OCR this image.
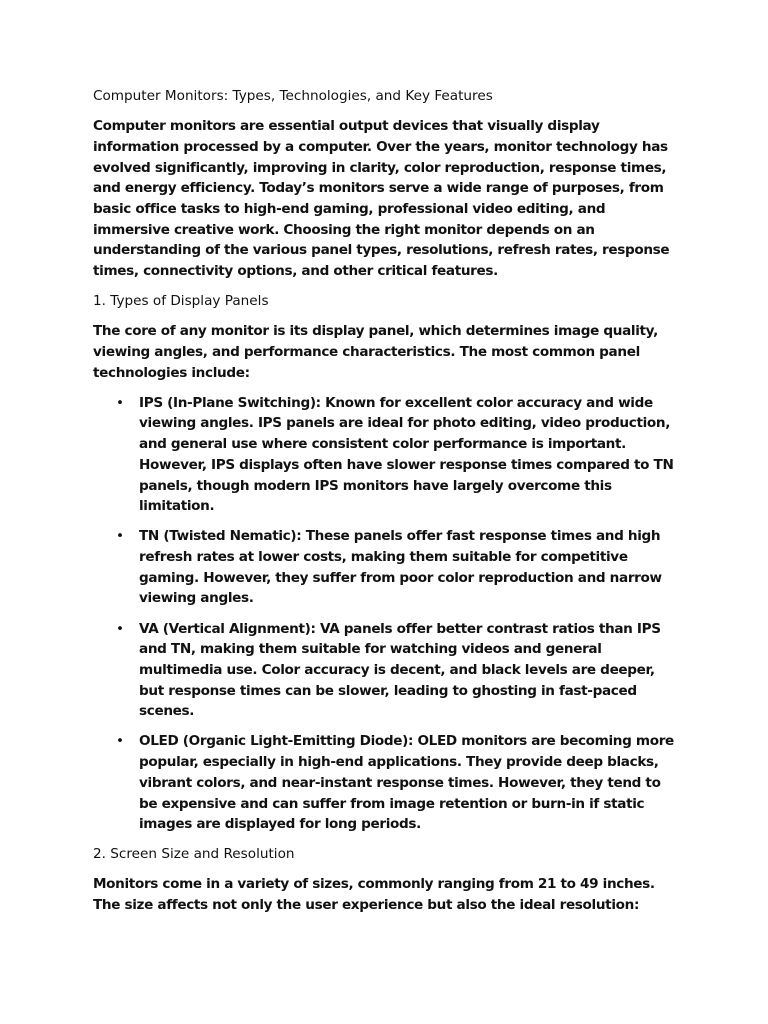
Computer Monitors: Types, Technologies, and Key Features

Computer monitors are essential output devices that visually display information processed by a computer. Over the years, monitor technology has evolved significantly, improving in clarity, color reproduction, response times, and energy efficiency. Today’s monitors serve a wide range of purposes, from basic office tasks to high-end gaming, professional video editing, and immersive creative work. Choosing the right monitor depends on an understanding of the various panel types, resolutions, refresh rates, response times, connectivity options, and other critical features.

1. Types of Display Panels

The core of any monitor is its display panel, which determines image quality, viewing angles, and performance characteristics. The most common panel technologies include:

• IPS (In-Plane Switching): Known for excellent color accuracy and wide viewing angles. IPS panels are ideal for photo editing, video production, and general use where consistent color performance is important. However, IPS displays often have slower response times compared to TN panels, though modern IPS monitors have largely overcome this limitation.
• TN (Twisted Nematic): These panels offer fast response times and high refresh rates at lower costs, making them suitable for competitive gaming. However, they suffer from poor color reproduction and narrow viewing angles.
• VA (Vertical Alignment): VA panels offer better contrast ratios than IPS and TN, making them suitable for watching videos and general multimedia use. Color accuracy is decent, and black levels are deeper, but response times can be slower, leading to ghosting in fast-paced scenes.
• OLED (Organic Light-Emitting Diode): OLED monitors are becoming more popular, especially in high-end applications. They provide deep blacks, vibrant colors, and near-instant response times. However, they tend to be expensive and can suffer from image retention or burn-in if static images are displayed for long periods.

2. Screen Size and Resolution

Monitors come in a variety of sizes, commonly ranging from 21 to 49 inches. The size affects not only the user experience but also the ideal resolution:
